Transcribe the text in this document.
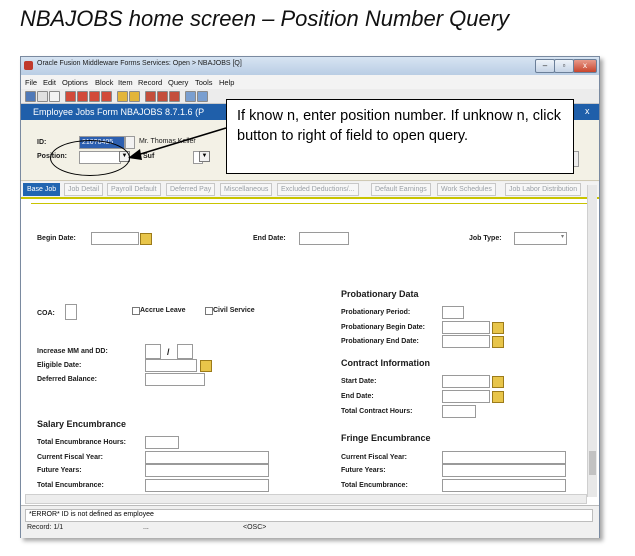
NBAJOBS home screen – Position Number Query
Oracle Fusion Middleware Forms Services: Open > NBAJOBS [Q]	–	▫	x
File Edit Options Block Item Record Query Tools Help
Employee Jobs Form NBAJOBS 8.7.1.6 (P	x
ID:	210?0405	Mr. Thomas Keller
Position:	▼	Suf	▼
Base Job	Job Detail	Payroll Default	Deferred Pay	Miscellaneous	Excluded Deductions/...	Default Earnings	Work Schedules	Job Labor Distribution
Begin Date:	End Date:	Job Type:	▾
Probationary Data
Probationary Period:
Probationary Begin Date:
Probationary End Date:
COA:	Accrue Leave	Civil Service
Increase MM and DD:	/
Eligible Date:
Deferred Balance:
Contract Information
Start Date:
End Date:
Total Contract Hours:
Salary Encumbrance
Total Encumbrance Hours:
Current Fiscal Year:
Future Years:
Total Encumbrance:
Fringe Encumbrance
Current Fiscal Year:
Future Years:
Total Encumbrance:
*ERROR* ID is not defined as employee
Record: 1/1	...	<OSC>
If know n, enter position number. If unknow n, click button to right of field to open query.
